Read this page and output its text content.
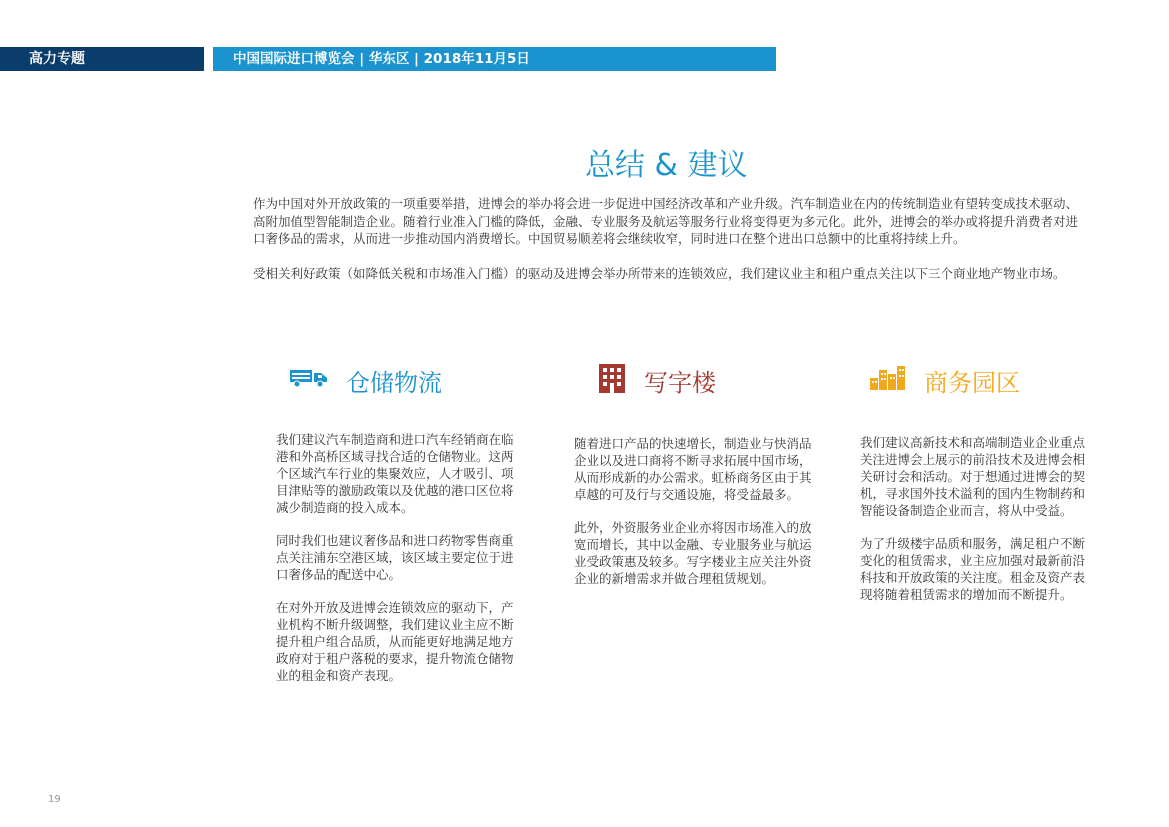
高力专题	中国国际进口博览会 | 华东区 | 2018年11月5日
总结 & 建议

作为中国对外开放政策的一项重要举措，进博会的举办将会进一步促进中国经济改革和产业升级。汽车制造业在内的传统制造业有望转变成技术驱动、高附加值型智能制造企业。随着行业准入门槛的降低，金融、专业服务及航运等服务行业将变得更为多元化。此外，进博会的举办或将提升消费者对进口奢侈品的需求，从而进一步推动国内消费增长。中国贸易顺差将会继续收窄，同时进口在整个进出口总额中的比重将持续上升。

受相关利好政策（如降低关税和市场准入门槛）的驱动及进博会举办所带来的连锁效应，我们建议业主和租户重点关注以下三个商业地产物业市场。

仓储物流

我们建议汽车制造商和进口汽车经销商在临港和外高桥区域寻找合适的仓储物业。这两个区域汽车行业的集聚效应，人才吸引、项目津贴等的激励政策以及优越的港口区位将减少制造商的投入成本。

同时我们也建议奢侈品和进口药物零售商重点关注浦东空港区域，该区域主要定位于进口奢侈品的配送中心。

在对外开放及进博会连锁效应的驱动下，产业机构不断升级调整，我们建议业主应不断提升租户组合品质，从而能更好地满足地方政府对于租户落税的要求，提升物流仓储物业的租金和资产表现。

写字楼

随着进口产品的快速增长，制造业与快消品企业以及进口商将不断寻求拓展中国市场，从而形成新的办公需求。虹桥商务区由于其卓越的可及行与交通设施，将受益最多。

此外，外资服务业企业亦将因市场准入的放宽而增长，其中以金融、专业服务业与航运业受政策惠及较多。写字楼业主应关注外资企业的新增需求并做合理租赁规划。

商务园区

我们建议高新技术和高端制造业企业重点关注进博会上展示的前沿技术及进博会相关研讨会和活动。对于想通过进博会的契机，寻求国外技术溢利的国内生物制药和智能设备制造企业而言，将从中受益。

为了升级楼宇品质和服务，满足租户不断变化的租赁需求，业主应加强对最新前沿科技和开放政策的关注度。租金及资产表现将随着租赁需求的增加而不断提升。

19
